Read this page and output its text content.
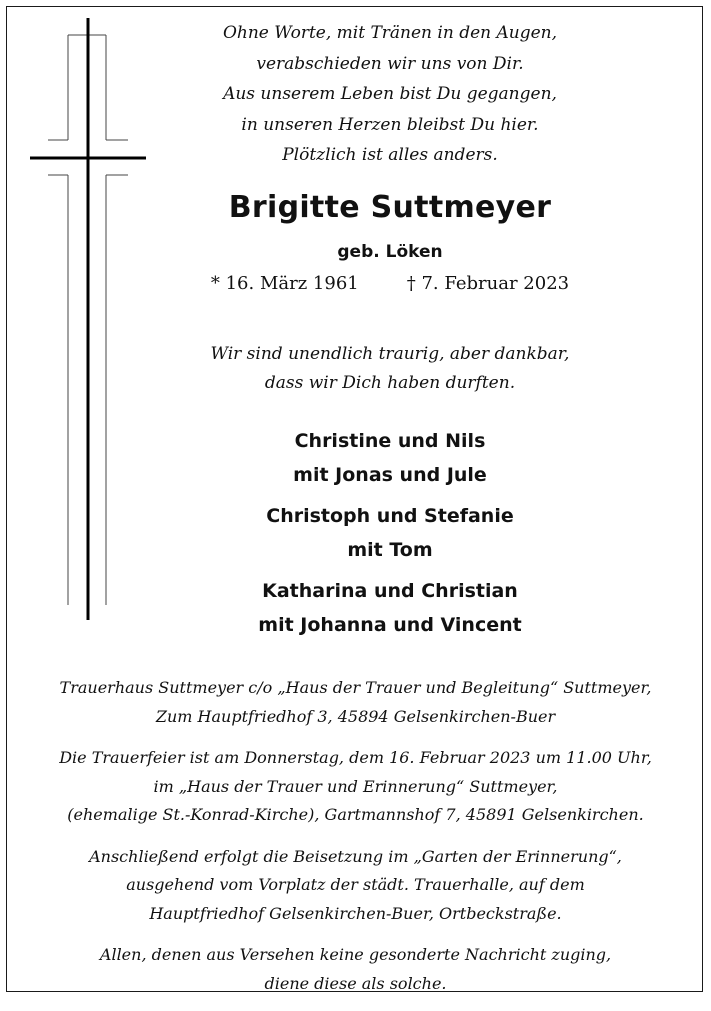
Ohne Worte, mit Tränen in den Augen,
verabschieden wir uns von Dir.
Aus unserem Leben bist Du gegangen,
in unseren Herzen bleibst Du hier.
Plötzlich ist alles anders.
Brigitte Suttmeyer
geb. Löken
* 16. März 1961	† 7. Februar 2023
Wir sind unendlich traurig, aber dankbar,
dass wir Dich haben durften.
Christine und Nils
mit Jonas und Jule
Christoph und Stefanie
mit Tom
Katharina und Christian
mit Johanna und Vincent
Trauerhaus Suttmeyer c/o „Haus der Trauer und Begleitung“ Suttmeyer,
Zum Hauptfriedhof 3, 45894 Gelsenkirchen-Buer
Die Trauerfeier ist am Donnerstag, dem 16. Februar 2023 um 11.00 Uhr,
im „Haus der Trauer und Erinnerung“ Suttmeyer,
(ehemalige St.-Konrad-Kirche), Gartmannshof 7, 45891 Gelsenkirchen.
Anschließend erfolgt die Beisetzung im „Garten der Erinnerung“,
ausgehend vom Vorplatz der städt. Trauerhalle, auf dem
Hauptfriedhof Gelsenkirchen-Buer, Ortbeckstraße.
Allen, denen aus Versehen keine gesonderte Nachricht zuging,
diene diese als solche.
